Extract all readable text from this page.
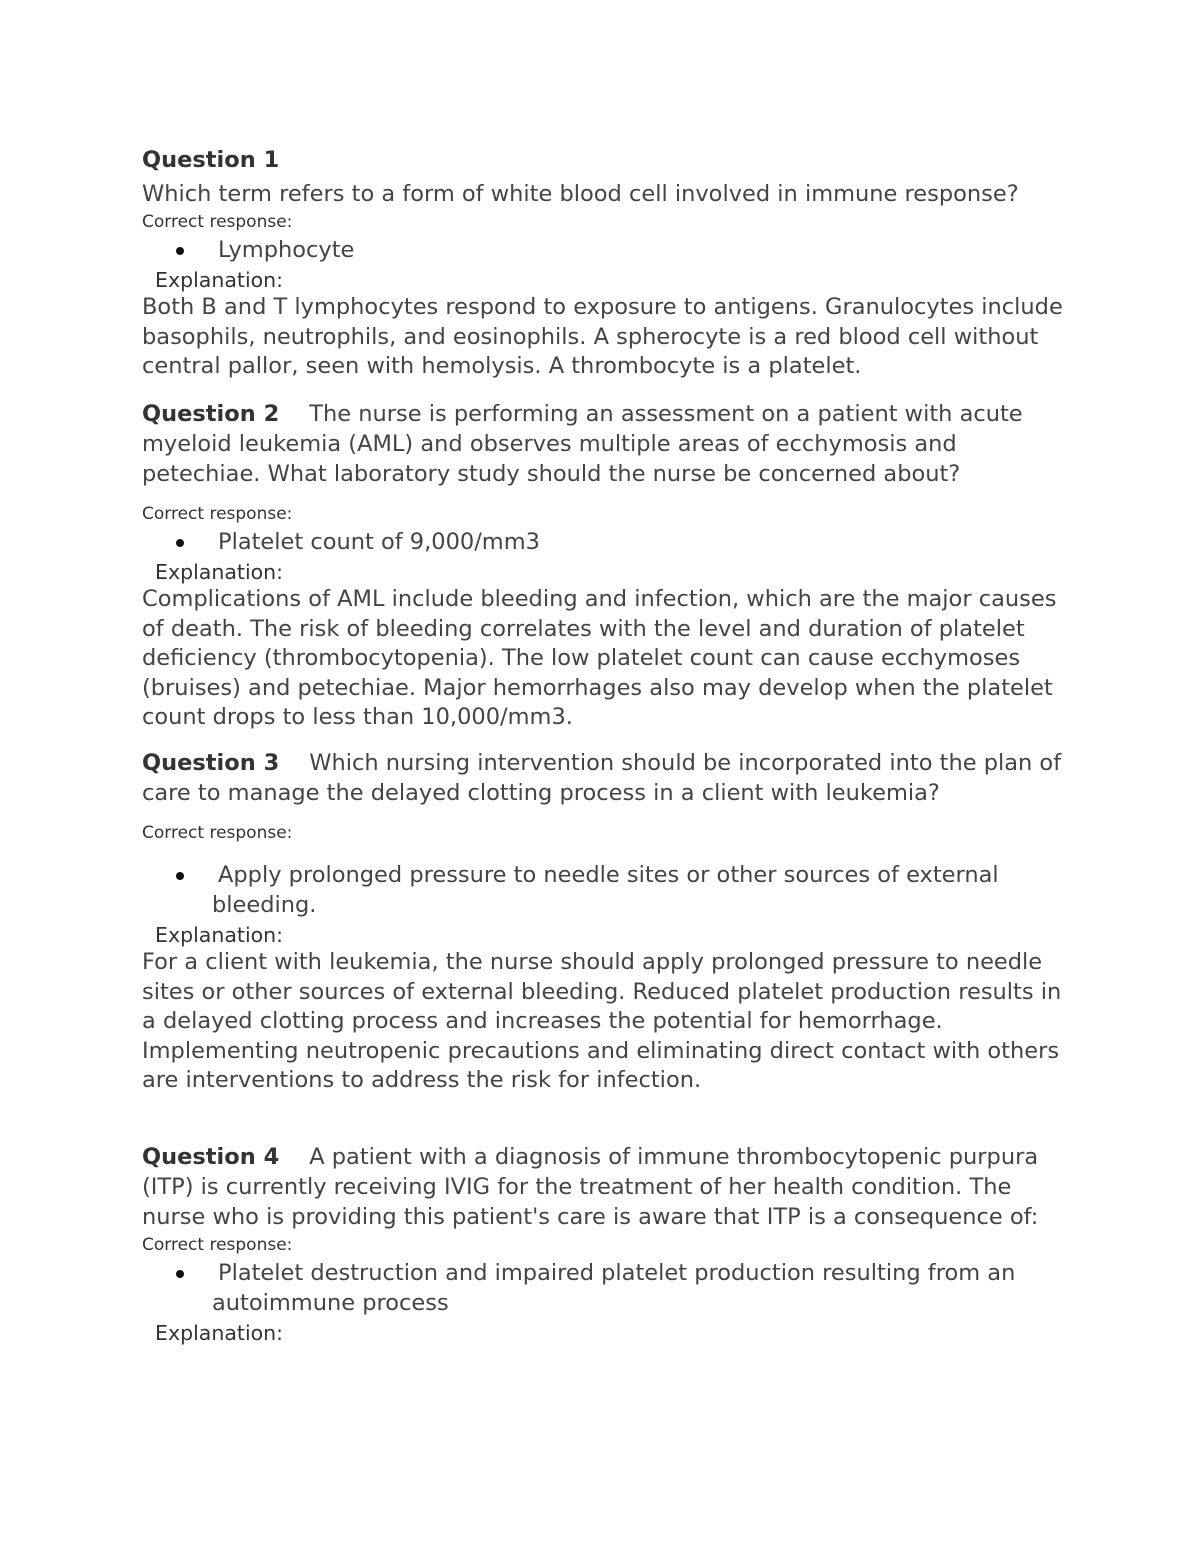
Question 1

Which term refers to a form of white blood cell involved in immune response?

Correct response:

Lymphocyte

Explanation:

Both B and T lymphocytes respond to exposure to antigens. Granulocytes include basophils, neutrophils, and eosinophils. A spherocyte is a red blood cell without central pallor, seen with hemolysis. A thrombocyte is a platelet.

Question 2 The nurse is performing an assessment on a patient with acute myeloid leukemia (AML) and observes multiple areas of ecchymosis and petechiae. What laboratory study should the nurse be concerned about?

Correct response:

Platelet count of 9,000/mm3

Explanation:

Complications of AML include bleeding and infection, which are the major causes of death. The risk of bleeding correlates with the level and duration of platelet deficiency (thrombocytopenia). The low platelet count can cause ecchymoses (bruises) and petechiae. Major hemorrhages also may develop when the platelet count drops to less than 10,000/mm3.

Question 3 Which nursing intervention should be incorporated into the plan of care to manage the delayed clotting process in a client with leukemia?

Correct response:

Apply prolonged pressure to needle sites or other sources of external bleeding.

Explanation:

For a client with leukemia, the nurse should apply prolonged pressure to needle sites or other sources of external bleeding. Reduced platelet production results in a delayed clotting process and increases the potential for hemorrhage. Implementing neutropenic precautions and eliminating direct contact with others are interventions to address the risk for infection.

Question 4 A patient with a diagnosis of immune thrombocytopenic purpura (ITP) is currently receiving IVIG for the treatment of her health condition. The nurse who is providing this patient's care is aware that ITP is a consequence of:

Correct response:

Platelet destruction and impaired platelet production resulting from an autoimmune process

Explanation:
